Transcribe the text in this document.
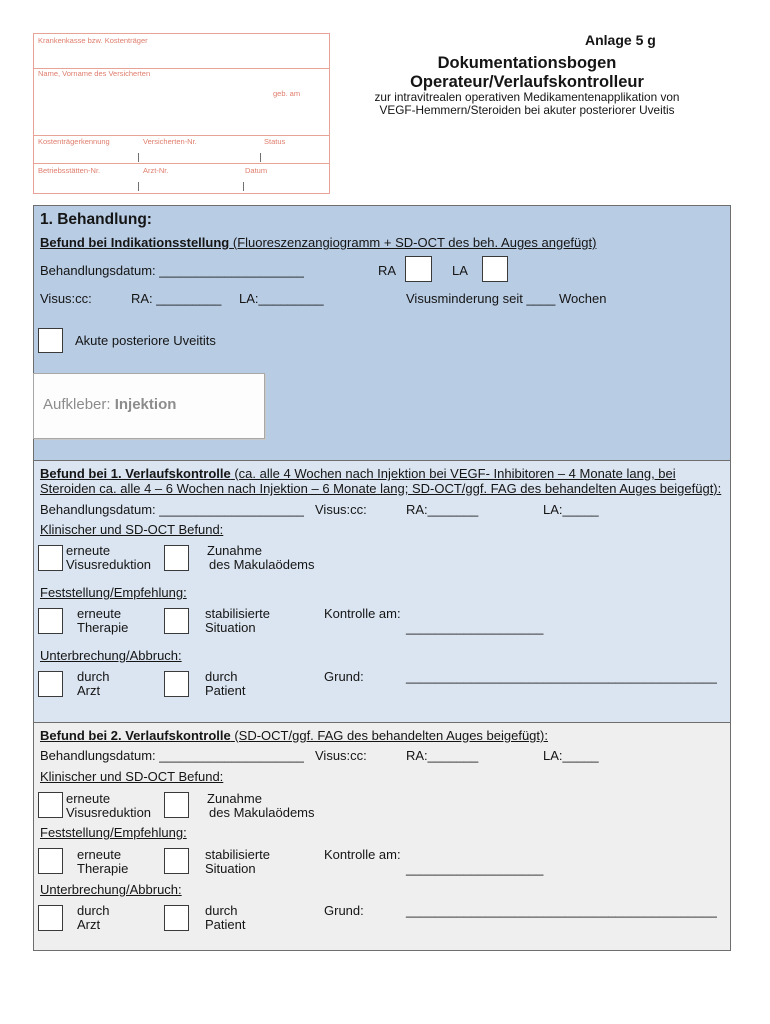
Krankenkasse bzw. Kostenträger
Name, Vorname des Versicherten
geb. am
Kostenträgerkennung	Versicherten-Nr.	Status
Betriebsstätten-Nr.	Arzt-Nr.	Datum
Anlage 5 g
Dokumentationsbogen
Operateur/Verlaufskontrolleur
zur intravitrealen operativen Medikamentenapplikation von
VEGF-Hemmern/Steroiden bei akuter posteriorer Uveitis
1. Behandlung:
Befund bei Indikationsstellung (Fluoreszenzangiogramm + SD-OCT des beh. Auges angefügt)
Behandlungsdatum: ____________________	RA	LA
Visus:cc:	RA: _________ LA:_________	Visusminderung seit ____ Wochen
Akute posteriore Uveitits
Aufkleber: Injektion
Befund bei 1. Verlaufskontrolle (ca. alle 4 Wochen nach Injektion bei VEGF- Inhibitoren – 4 Monate lang, bei
Steroiden ca. alle 4 – 6 Wochen nach Injektion – 6 Monate lang; SD-OCT/ggf. FAG des behandelten Auges beigefügt):
Behandlungsdatum: ____________________ Visus:cc:	RA:_______	LA:_____
Klinischer und SD-OCT Befund:
erneute
Visusreduktion
Zunahme
des Makulaödems
Feststellung/Empfehlung:
erneute
Therapie
stabilisierte
Situation
Kontrolle am:
___________________
Unterbrechung/Abbruch:
durch
Arzt
durch
Patient
Grund:	___________________________________________
Befund bei 2. Verlaufskontrolle (SD-OCT/ggf. FAG des behandelten Auges beigefügt):
Behandlungsdatum: ____________________ Visus:cc:	RA:_______	LA:_____
Klinischer und SD-OCT Befund:
erneute
Visusreduktion
Zunahme
des Makulaödems
Feststellung/Empfehlung:
erneute
Therapie
stabilisierte
Situation
Kontrolle am:
___________________
Unterbrechung/Abbruch:
durch
Arzt
durch
Patient
Grund:	___________________________________________
